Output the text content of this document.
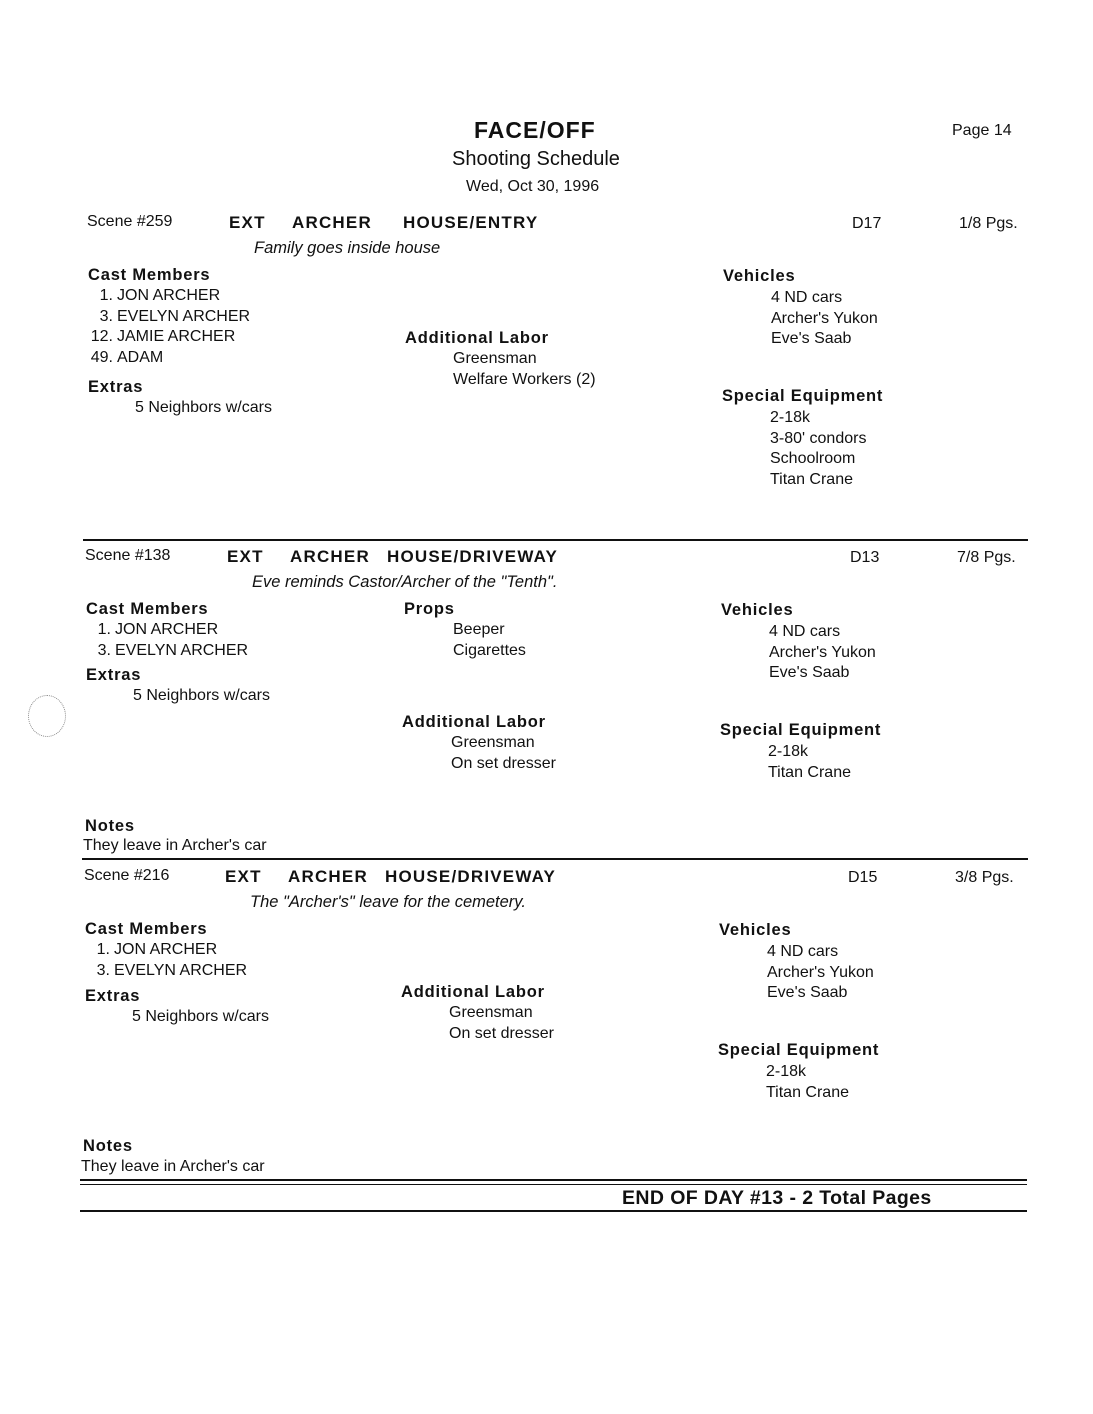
FACE/OFF
Shooting Schedule
Wed, Oct 30, 1996
Page 14
Scene #259	EXT ARCHER HOUSE/ENTRY
Family goes inside house
D17	1/8 Pgs.
Cast Members
1. JON ARCHER
3. EVELYN ARCHER
12. JAMIE ARCHER
49. ADAM
Extras
5 Neighbors w/cars
Additional Labor
Greensman
Welfare Workers (2)
Vehicles
4 ND cars
Archer's Yukon
Eve's Saab
Special Equipment
2-18k
3-80' condors
Schoolroom
Titan Crane
Scene #138	EXT ARCHER HOUSE/DRIVEWAY
Eve reminds Castor/Archer of the "Tenth".
D13	7/8 Pgs.
Cast Members
1. JON ARCHER
3. EVELYN ARCHER
Extras
5 Neighbors w/cars
Props
Beeper
Cigarettes
Additional Labor
Greensman
On set dresser
Vehicles
4 ND cars
Archer's Yukon
Eve's Saab
Special Equipment
2-18k
Titan Crane
Notes
They leave in Archer's car
Scene #216	EXT ARCHER HOUSE/DRIVEWAY
The "Archer's" leave for the cemetery.
D15	3/8 Pgs.
Cast Members
1. JON ARCHER
3. EVELYN ARCHER
Extras
5 Neighbors w/cars
Additional Labor
Greensman
On set dresser
Vehicles
4 ND cars
Archer's Yukon
Eve's Saab
Special Equipment
2-18k
Titan Crane
Notes
They leave in Archer's car
END OF DAY #13 - 2 Total Pages
